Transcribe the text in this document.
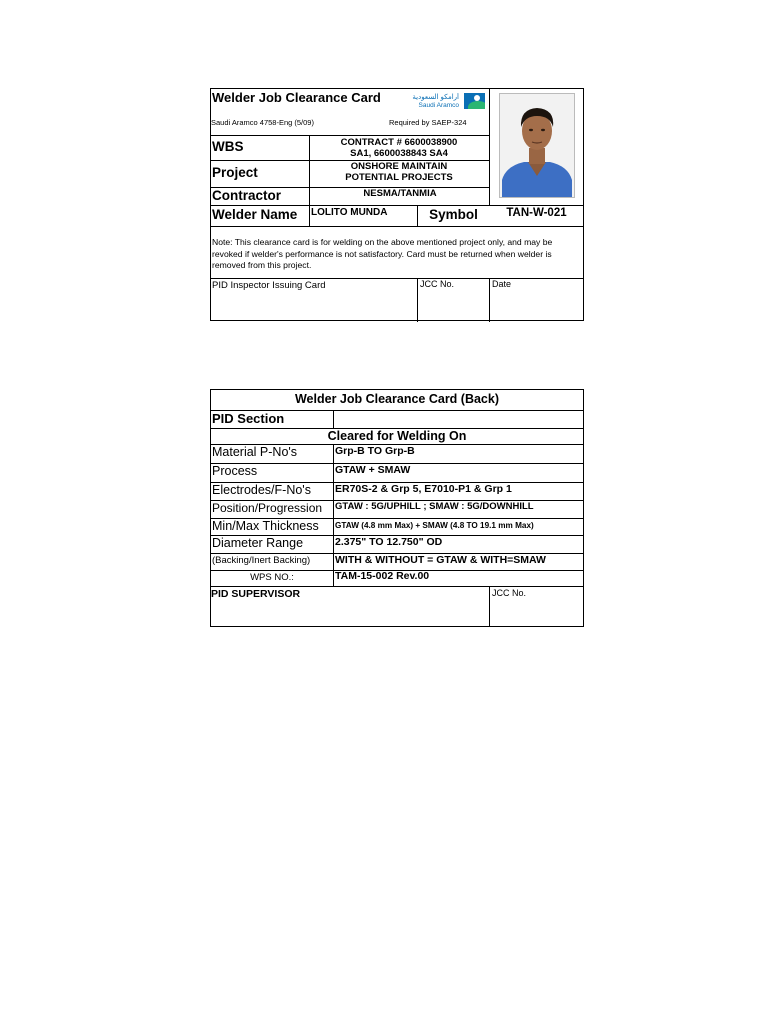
Welder Job Clearance Card	أرامكو السعودية
Saudi Aramco
Saudi Aramco 4758-Eng (5/09)	Required by SAEP-324
WBS	CONTRACT # 6600038900 SA1, 6600038843 SA4
Project	ONSHORE MAINTAIN POTENTIAL PROJECTS
Contractor	NESMA/TANMIA
Welder Name	LOLITO MUNDA	Symbol	TAN-W-021
Note: This clearance card is for welding on the above mentioned project only, and may be revoked if welder's performance is not satisfactory. Card must be returned when welder is removed from this project.
PID Inspector Issuing Card	JCC No.	Date
Welder Job Clearance Card (Back)
PID Section
Cleared for Welding On
Material P-No's	Grp-B TO Grp-B
Process	GTAW + SMAW
Electrodes/F-No's	ER70S-2 & Grp 5, E7010-P1 & Grp 1
Position/Progression	GTAW : 5G/UPHILL ; SMAW : 5G/DOWNHILL
Min/Max Thickness	GTAW (4.8 mm Max) + SMAW (4.8 TO 19.1 mm Max)
Diameter Range	2.375" TO 12.750" OD
(Backing/Inert Backing)	WITH & WITHOUT = GTAW & WITH=SMAW
WPS NO.:	TAM-15-002 Rev.00
PID SUPERVISOR	JCC No.
